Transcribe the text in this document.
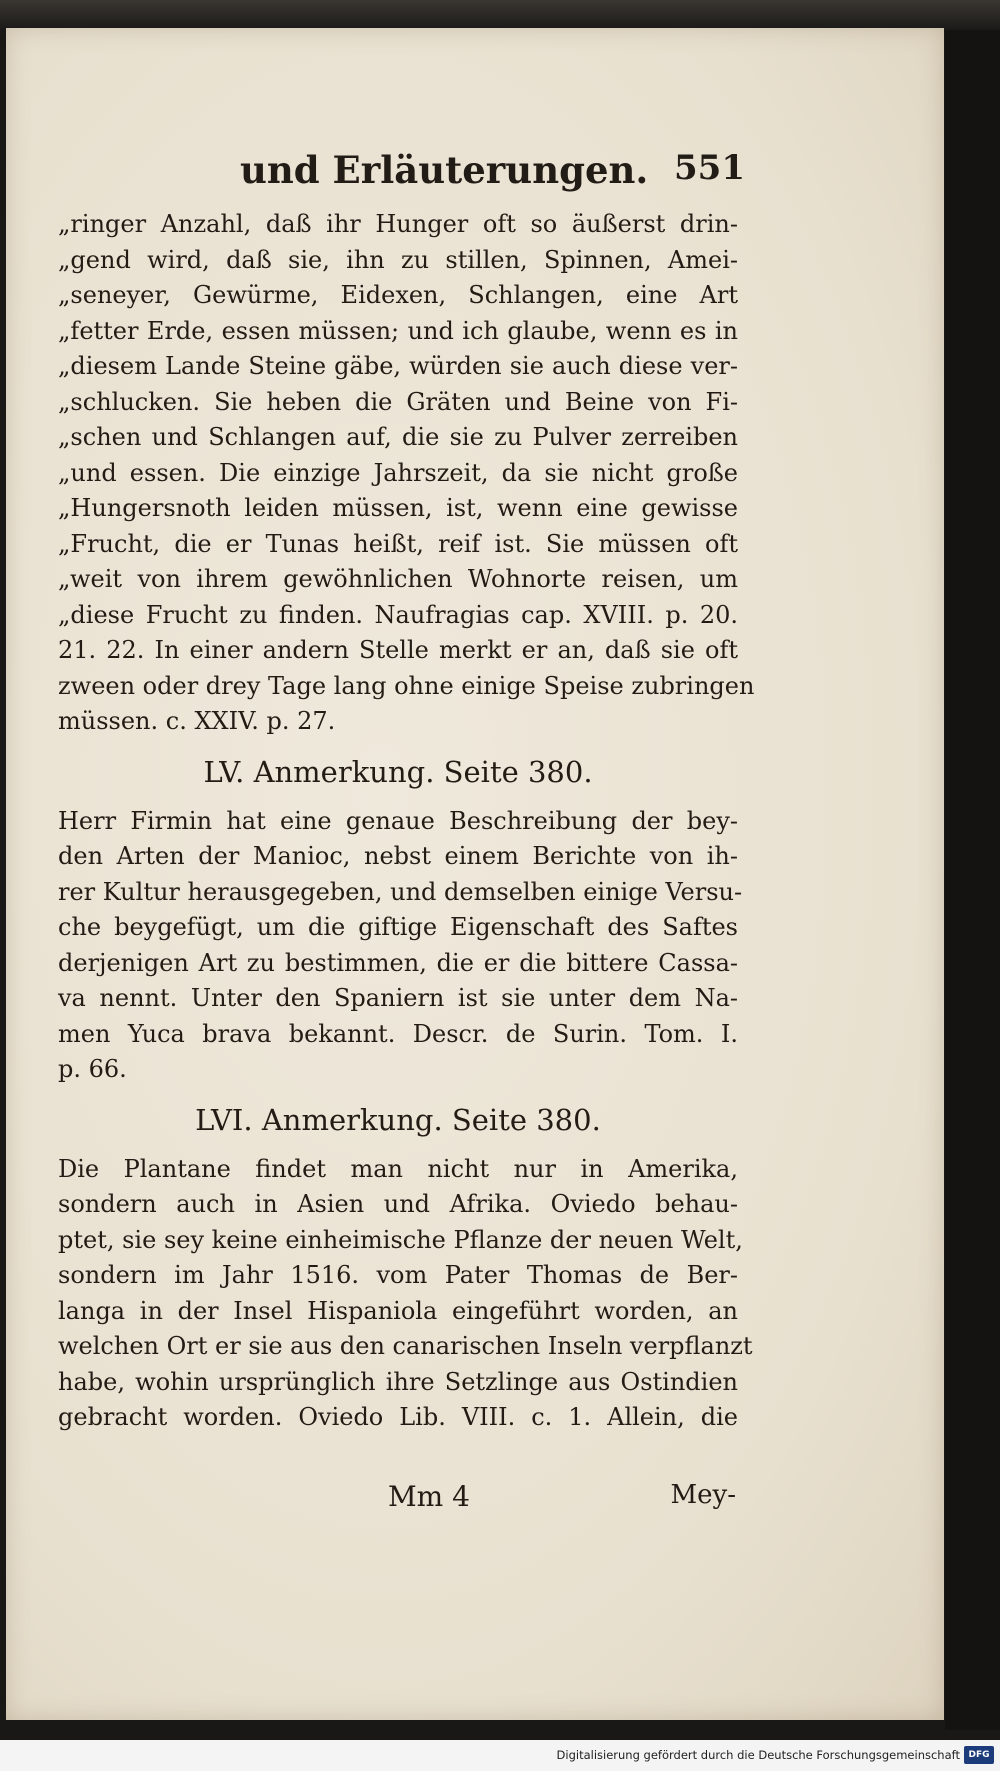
und Erläuterungen. 551
„ringer Anzahl, daß ihr Hunger oft so äußerst drin-
„gend wird, daß sie, ihn zu stillen, Spinnen, Amei-
„seneyer, Gewürme, Eidexen, Schlangen, eine Art
„fetter Erde, essen müssen; und ich glaube, wenn es in
„diesem Lande Steine gäbe, würden sie auch diese ver-
„schlucken. Sie heben die Gräten und Beine von Fi-
„schen und Schlangen auf, die sie zu Pulver zerreiben
„und essen. Die einzige Jahrszeit, da sie nicht große
„Hungersnoth leiden müssen, ist, wenn eine gewisse
„Frucht, die er Tunas heißt, reif ist. Sie müssen oft
„weit von ihrem gewöhnlichen Wohnorte reisen, um
„diese Frucht zu finden. Naufragias cap. XVIII. p. 20.
21. 22. In einer andern Stelle merkt er an, daß sie oft
zween oder drey Tage lang ohne einige Speise zubringen
müssen. c. XXIV. p. 27.
LV. Anmerkung. Seite 380.
Herr Firmin hat eine genaue Beschreibung der bey-
den Arten der Manioc, nebst einem Berichte von ih-
rer Kultur herausgegeben, und demselben einige Versu-
che beygefügt, um die giftige Eigenschaft des Saftes
derjenigen Art zu bestimmen, die er die bittere Cassa-
va nennt. Unter den Spaniern ist sie unter dem Na-
men Yuca brava bekannt. Descr. de Surin. Tom. I.
p. 66.
LVI. Anmerkung. Seite 380.
Die Plantane findet man nicht nur in Amerika,
sondern auch in Asien und Afrika. Oviedo behau-
ptet, sie sey keine einheimische Pflanze der neuen Welt,
sondern im Jahr 1516. vom Pater Thomas de Ber-
langa in der Insel Hispaniola eingeführt worden, an
welchen Ort er sie aus den canarischen Inseln verpflanzt
habe, wohin ursprünglich ihre Setzlinge aus Ostindien
gebracht worden. Oviedo Lib. VIII. c. 1. Allein, die
Mm 4	Mey-
Digitalisierung gefördert durch die Deutsche Forschungsgemeinschaft DFG
